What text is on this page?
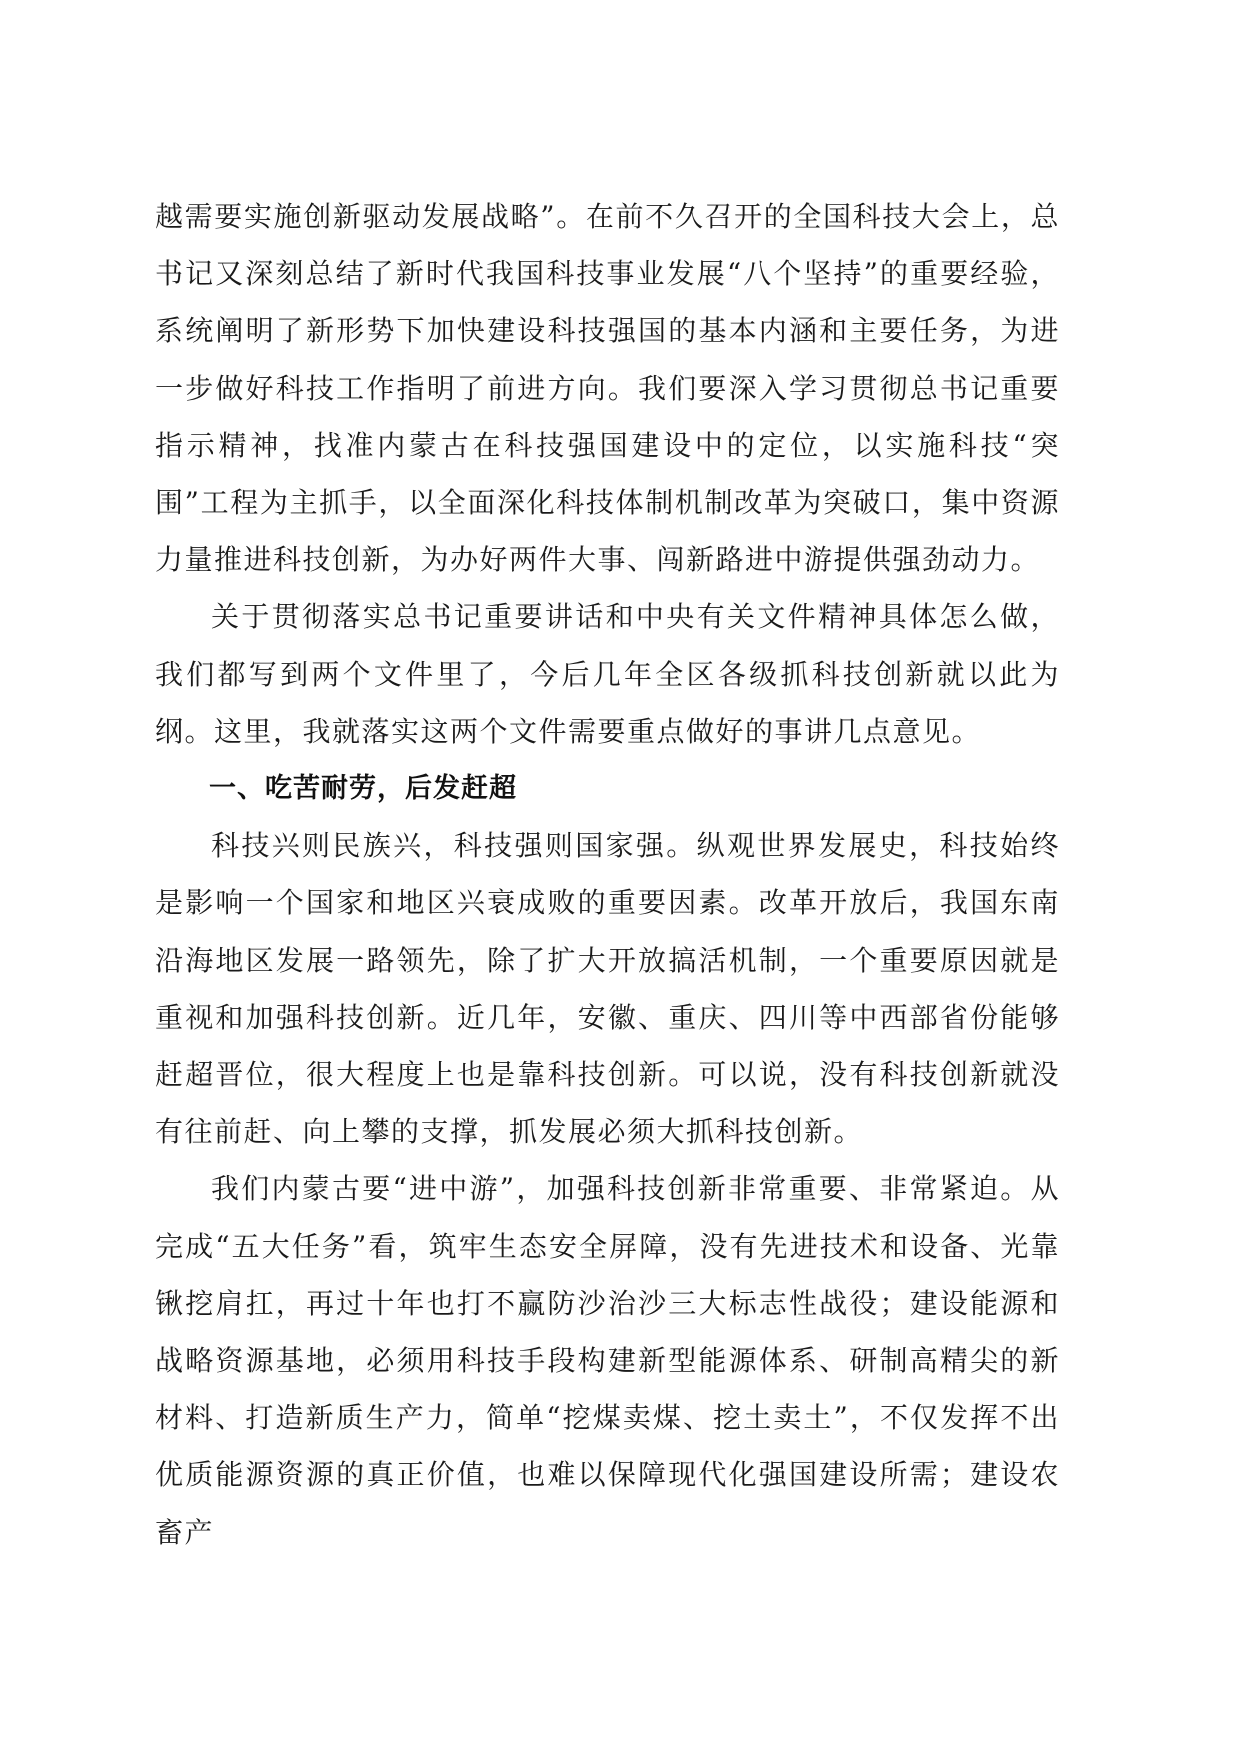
越需要实施创新驱动发展战略”。在前不久召开的全国科技大会上，总书记又深刻总结了新时代我国科技事业发展“八个坚持”的重要经验，系统阐明了新形势下加快建设科技强国的基本内涵和主要任务，为进一步做好科技工作指明了前进方向。我们要深入学习贯彻总书记重要指示精神，找准内蒙古在科技强国建设中的定位，以实施科技“突围”工程为主抓手，以全面深化科技体制机制改革为突破口，集中资源力量推进科技创新，为办好两件大事、闯新路进中游提供强劲动力。

关于贯彻落实总书记重要讲话和中央有关文件精神具体怎么做，我们都写到两个文件里了，今后几年全区各级抓科技创新就以此为纲。这里，我就落实这两个文件需要重点做好的事讲几点意见。

一、吃苦耐劳，后发赶超

科技兴则民族兴，科技强则国家强。纵观世界发展史，科技始终是影响一个国家和地区兴衰成败的重要因素。改革开放后，我国东南沿海地区发展一路领先，除了扩大开放搞活机制，一个重要原因就是重视和加强科技创新。近几年，安徽、重庆、四川等中西部省份能够赶超晋位，很大程度上也是靠科技创新。可以说，没有科技创新就没有往前赶、向上攀的支撑，抓发展必须大抓科技创新。

我们内蒙古要“进中游”，加强科技创新非常重要、非常紧迫。从完成“五大任务”看，筑牢生态安全屏障，没有先进技术和设备、光靠锹挖肩扛，再过十年也打不赢防沙治沙三大标志性战役；建设能源和战略资源基地，必须用科技手段构建新型能源体系、研制高精尖的新材料、打造新质生产力，简单“挖煤卖煤、挖土卖土”，不仅发挥不出优质能源资源的真正价值，也难以保障现代化强国建设所需；建设农畜产
